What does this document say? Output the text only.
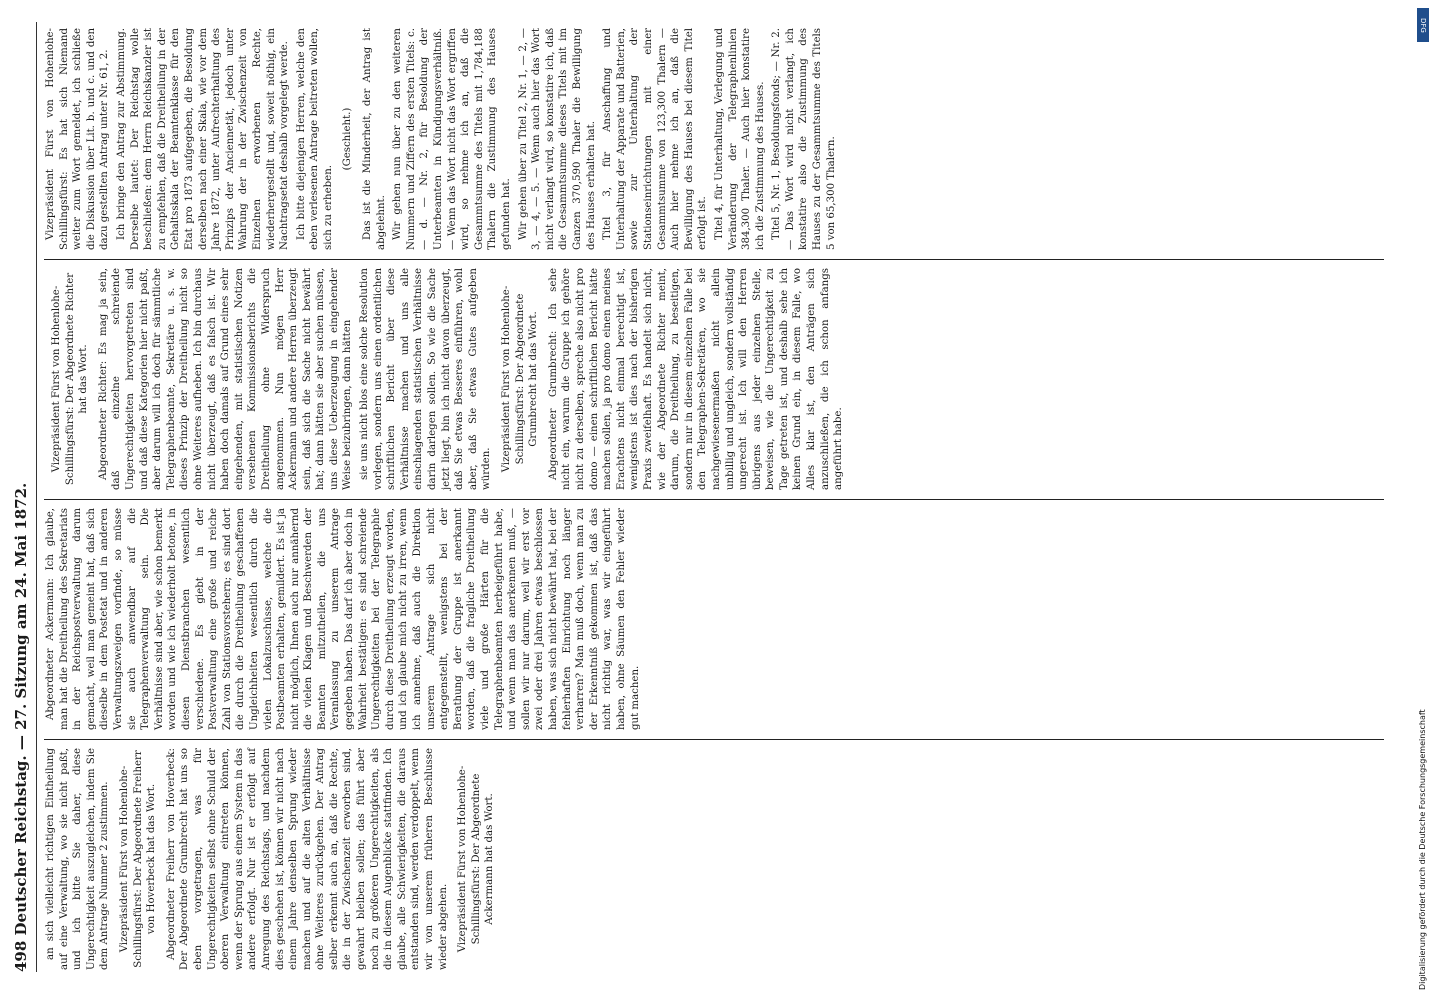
498 Deutscher Reichstag. — 27. Sitzung am 24. Mai 1872. an sich vielleicht richtigen Eintheilung auf eine Verwaltung, wo sie nicht paßt, und ich bitte Sie daher, diese Ungerechtigkeit auszugleichen, indem Sie dem Antrage Nummer 2 zustimmen. Vizepräsident Fürst von Hohenlohe-Schillingsfürst: Der Abgeordnete Freiherr von Hoverbeck hat das Wort. Abgeordneter Freiherr von Hoverbeck: Der Abgeordnete Grumbrecht hat uns so eben vorgetragen, was für Ungerechtigkeiten selbst ohne Schuld der oberen Verwaltung eintreten können, wenn der Sprung aus einem System in das andere erfolgt. Nur ist er erfolgt auf Anregung des Reichstags, und nachdem dies geschehen ist, können wir nicht nach einem Jahre denselben Sprung wieder machen und auf die alten Verhältnisse ohne Weiteres zurückgehen. Der Antrag selber erkennt auch an, daß die Rechte, die in der Zwischenzeit erworben sind, gewahrt bleiben sollen; das führt aber noch zu größeren Ungerechtigkeiten, als die in diesem Augenblicke stattfinden. Ich glaube, alle Schwierigkeiten, die daraus entstanden sind, werden verdoppelt, wenn wir von unserem früheren Beschlusse wieder abgehen. Vizepräsident Fürst von Hohenlohe-Schillingsfürst: Der Abgeordnete Ackermann hat das Wort.

Abgeordneter Ackermann: Ich glaube, man hat die Dreitheilung des Sekretariats in der Reichspostverwaltung darum gemacht, weil man gemeint hat, daß sich dieselbe in dem Postetat und in anderen Verwaltungszweigen vorfinde, so müsse sie auch anwendbar auf die Telegraphenverwaltung sein. Die Verhältnisse sind aber, wie schon bemerkt worden und wie ich wiederholt betone, in diesen Dienstbranchen wesentlich verschiedene. Es giebt in der Postverwaltung eine große und reiche Zahl von Stationsvorstehern; es sind dort die durch die Dreitheilung geschaffenen Ungleichheiten wesentlich durch die vielen Lokalzuschüsse, welche die Postbeamten erhalten, gemildert. Es ist ja nicht möglich, Ihnen auch nur annähernd die vielen Klagen und Beschwerden der Beamten mitzutheilen, die uns Veranlassung zu unserem Antrage gegeben haben. Das darf ich aber doch in Wahrheit bestätigen: es sind schreiende Ungerechtigkeiten bei der Telegraphie durch diese Dreitheilung erzeugt worden, und ich glaube mich nicht zu irren, wenn ich annehme, daß auch die Direktion unserem Antrage sich nicht entgegenstellt, wenigstens bei der Berathung der Gruppe ist anerkannt worden, daß die fragliche Dreitheilung viele und große Härten für die Telegraphenbeamten herbeigeführt habe, und wenn man das anerkennen muß, — sollen wir nur darum, weil wir erst vor zwei oder drei Jahren etwas beschlossen haben, was sich nicht bewährt hat, bei der fehlerhaften Einrichtung noch länger verharren? Man muß doch, wenn man zu der Erkenntniß gekommen ist, daß das nicht richtig war, was wir eingeführt haben, ohne Säumen den Fehler wieder gut machen.

Vizepräsident Fürst von Hohenlohe-Schillingsfürst: Der Abgeordnete Richter hat das Wort. Abgeordneter Richter: Es mag ja sein, daß einzelne schreiende Ungerechtigkeiten hervorgetreten sind und daß diese Kategorien hier nicht paßt, aber darum will ich doch für sämmtliche Telegraphenbeamte, Sekretäre u. s. w. dieses Prinzip der Dreitheilung nicht so ohne Weiteres aufheben. Ich bin durchaus nicht überzeugt, daß es falsch ist. Wir haben doch damals auf Grund eines sehr eingehenden, mit statistischen Notizen versehenen Kommissionsberichts die Dreitheilung ohne Widerspruch angenommen. Nun mögen Herr Ackermann und andere Herren überzeugt sein, daß sich die Sache nicht bewährt hat; dann hätten sie aber suchen müssen, uns diese Ueberzeugung in eingehender Weise beizubringen, dann hätten sie uns nicht blos eine solche Resolution vorlegen, sondern uns einen ordentlichen schriftlichen Bericht über diese Verhältnisse machen und uns alle einschlagenden statistischen Verhältnisse darin darlegen sollen. So wie die Sache jetzt liegt, bin ich nicht davon überzeugt, daß Sie etwas Besseres einführen, wohl aber, daß Sie etwas Gutes aufgeben würden. Vizepräsident Fürst von Hohenlohe-Schillingsfürst: Der Abgeordnete Grumbrecht hat das Wort. Abgeordneter Grumbrecht: Ich sehe nicht ein, warum die Gruppe ich gehöre nicht zu derselben, spreche also nicht pro domo — einen schriftlichen Bericht hätte machen sollen, ja pro domo einen meines Erachtens nicht einmal berechtigt ist, wenigstens ist dies nach der bisherigen Praxis zweifelhaft. Es handelt sich nicht, wie der Abgeordnete Richter meint, darum, die Dreitheilung, zu beseitigen, sondern nur in diesem einzelnen Falle bei den Telegraphen-Sekretären, wo sie nachgewiesenermaßen nicht allein unbillig und ungleich, sondern vollständig ungerecht ist. Ich will den Herren übrigens aus jeder einzelnen Stelle, beweisen, wie die Ungerechtigkeit zu Tage getreten ist, und deshalb sehe ich keinen Grund ein, in diesem Falle, wo Alles klar ist, den Anträgen sich anzuschließen, die ich schon anfangs angeführt habe.

Vizepräsident Fürst von Hohenlohe-Schillingsfürst: Es hat sich Niemand weiter zum Wort gemeldet, ich schließe die Diskussion über Lit. b. und c. und den dazu gestellten Antrag unter Nr. 61, 2. Ich bringe den Antrag zur Abstimmung. Derselbe lautet: Der Reichstag wolle beschließen: dem Herrn Reichskanzler ist zu empfehlen, daß die Dreitheilung in der Gehaltsskala der Beamtenklasse für den Etat pro 1873 aufgegeben, die Besoldung derselben nach einer Skala, wie vor dem Jahre 1872, unter Aufrechterhaltung des Prinzips der Anciennetät, jedoch unter Wahrung der in der Zwischenzeit von Einzelnen erworbenen Rechte, wiederhergestellt und, soweit nöthig, ein Nachtragsetat deshalb vorgelegt werde. Ich bitte diejenigen Herren, welche den eben verlesenen Antrage beitreten wollen, sich zu erheben.

(Geschieht.) Das ist die Minderheit, der Antrag ist abgelehnt. Wir gehen nun über zu den weiteren Nummern und Ziffern des ersten Titels: c. — d. — Nr. 2, für Besoldung der Unterbeamten in Kündigungsverhältniß. — Wenn das Wort nicht das Wort ergriffen wird, so nehme ich an, daß die Gesammtsumme des Titels mit 1,784,188 Thalern die Zustimmung des Hauses gefunden hat. Wir gehen über zu Titel 2, Nr. 1, — 2, — 3, — 4, — 5. — Wenn auch hier das Wort nicht verlangt wird, so konstatire ich, daß die Gesammtsumme dieses Titels mit im Ganzen 370,590 Thaler die Bewilligung des Hauses erhalten hat. Titel 3, für Anschaffung und Unterhaltung der Apparate und Batterien, sowie zur Unterhaltung der Stationseinrichtungen mit einer Gesammtsumme von 123,300 Thalern — Auch hier nehme ich an, daß die Bewilligung des Hauses bei diesem Titel erfolgt ist. Titel 4, für Unterhaltung, Verlegung und Veränderung der Telegraphenlinien 384,300 Thaler. — Auch hier konstatire ich die Zustimmung des Hauses. Titel 5, Nr. 1, Besoldungsfonds; — Nr. 2. — Das Wort wird nicht verlangt, ich konstatire also die Zustimmung des Hauses zu der Gesammtsumme des Titels 5 von 65,300 Thalern.

Digitalisierung gefördert durch die Deutsche Forschungsgemeinschaft
DFG
